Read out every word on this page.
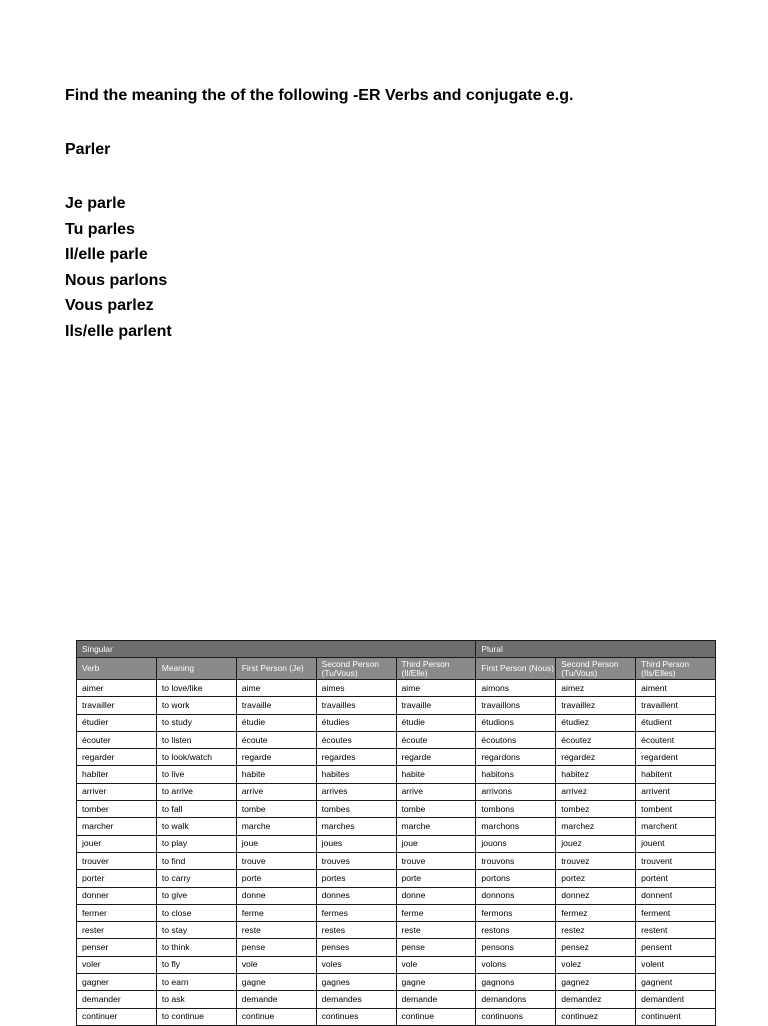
Find the meaning the of the following -ER Verbs and conjugate e.g.

Parler

Je parle
Tu parles
Il/elle parle
Nous parlons
Vous parlez
Ils/elle parlent
Singular					Plural		
Verb	Meaning	First Person (Je)	Second Person (Tu/Vous)	Third Person (Il/Elle)	First Person (Nous)	Second Person (Tu/Vous)	Third Person (Ils/Elles)
aimer	to love/like	aime	aimes	aime	aimons	aimez	aiment
travailler	to work	travaille	travailles	travaille	travaillons	travaillez	travaillent
étudier	to study	étudie	étudies	étudie	étudions	étudiez	étudient
écouter	to listen	écoute	écoutes	écoute	écoutons	écoutez	écoutent
regarder	to look/watch	regarde	regardes	regarde	regardons	regardez	regardent
habiter	to live	habite	habites	habite	habitons	habitez	habitent
arriver	to arrive	arrive	arrives	arrive	arrivons	arrivez	arrivent
tomber	to fall	tombe	tombes	tombe	tombons	tombez	tombent
marcher	to walk	marche	marches	marche	marchons	marchez	marchent
jouer	to play	joue	joues	joue	jouons	jouez	jouent
trouver	to find	trouve	trouves	trouve	trouvons	trouvez	trouvent
porter	to carry	porte	portes	porte	portons	portez	portent
donner	to give	donne	donnes	donne	donnons	donnez	donnent
fermer	to close	ferme	fermes	ferme	fermons	fermez	ferment
rester	to stay	reste	restes	reste	restons	restez	restent
penser	to think	pense	penses	pense	pensons	pensez	pensent
voler	to fly	vole	voles	vole	volons	volez	volent
gagner	to earn	gagne	gagnes	gagne	gagnons	gagnez	gagnent
demander	to ask	demande	demandes	demande	demandons	demandez	demandent
continuer	to continue	continue	continues	continue	continuons	continuez	continuent
